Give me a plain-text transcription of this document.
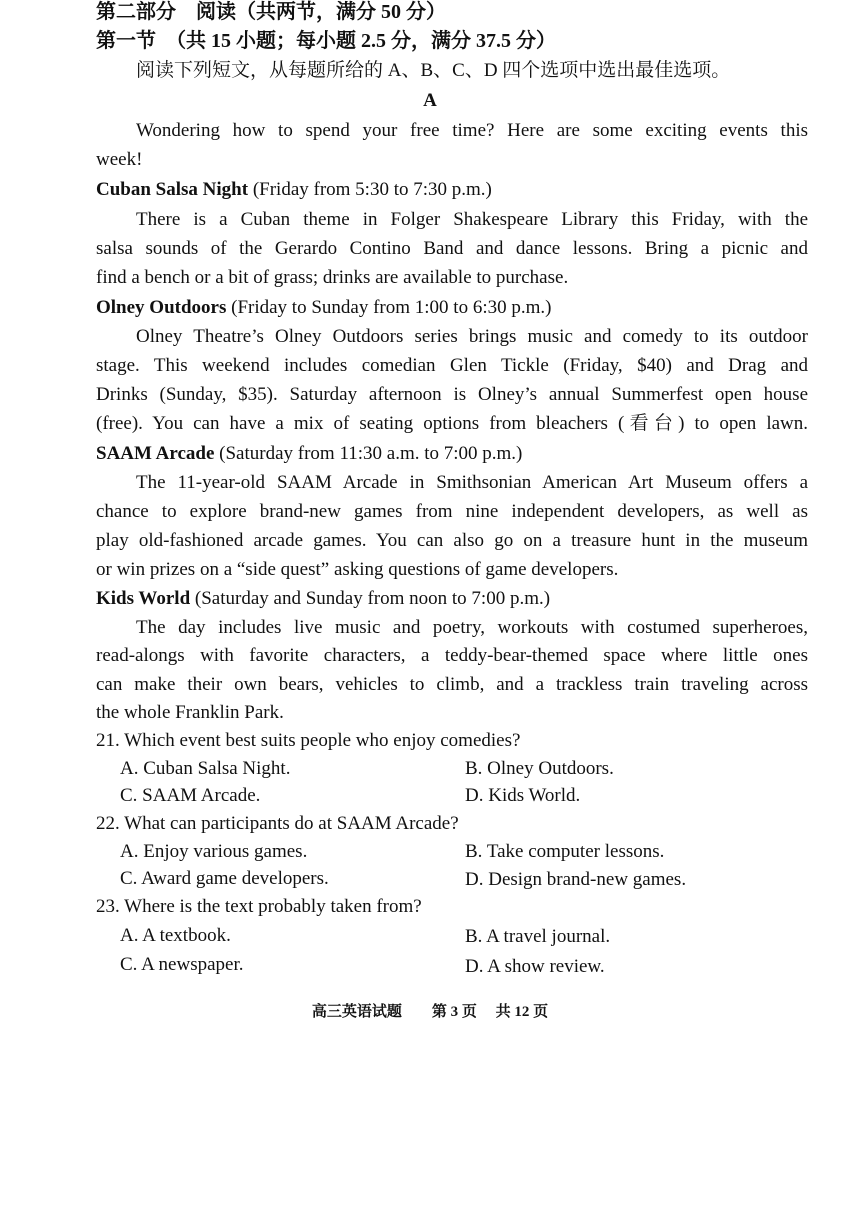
第二部分　阅读（共两节，满分 50 分）
第一节　（共 15 小题；每小题 2.5 分，满分 37.5 分）
阅读下列短文，从每题所给的 A、B、C、D 四个选项中选出最佳选项。
A
Wondering how to spend your free time? Here are some exciting events this
week!
Cuban Salsa Night (Friday from 5:30 to 7:30 p.m.)
There is a Cuban theme in Folger Shakespeare Library this Friday, with the
salsa sounds of the Gerardo Contino Band and dance lessons. Bring a picnic and
find a bench or a bit of grass; drinks are available to purchase.
Olney Outdoors (Friday to Sunday from 1:00 to 6:30 p.m.)
Olney Theatre’s Olney Outdoors series brings music and comedy to its outdoor
stage. This weekend includes comedian Glen Tickle (Friday, $40) and Drag and
Drinks (Sunday, $35). Saturday afternoon is Olney’s annual Summerfest open house
(free). You can have a mix of seating options from bleachers (看台) to open lawn.
SAAM Arcade (Saturday from 11:30 a.m. to 7:00 p.m.)
The 11-year-old SAAM Arcade in Smithsonian American Art Museum offers a
chance to explore brand-new games from nine independent developers, as well as
play old-fashioned arcade games. You can also go on a treasure hunt in the museum
or win prizes on a “side quest” asking questions of game developers.
Kids World (Saturday and Sunday from noon to 7:00 p.m.)
The day includes live music and poetry, workouts with costumed superheroes,
read-alongs with favorite characters, a teddy-bear-themed space where little ones
can make their own bears, vehicles to climb, and a trackless train traveling across
the whole Franklin Park.
21. Which event best suits people who enjoy comedies?
A. Cuban Salsa Night.	B. Olney Outdoors.
C. SAAM Arcade.	D. Kids World.
22. What can participants do at SAAM Arcade?
A. Enjoy various games.	B. Take computer lessons.
C. Award game developers.	D. Design brand-new games.
23. Where is the text probably taken from?
A. A textbook.	B. A travel journal.
C. A newspaper.	D. A show review.
高三英语试题　　第 3 页　 共 12 页
